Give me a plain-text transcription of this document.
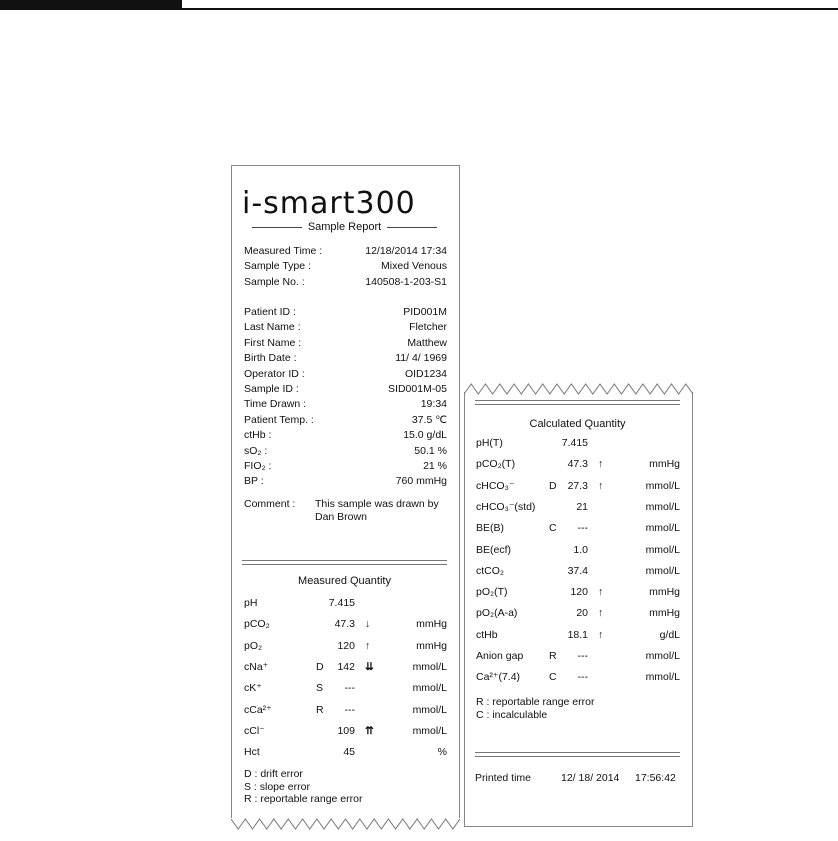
i-smart300
Sample Report
Measured Time :	12/18/2014 17:34
Sample Type :	Mixed Venous
Sample No. :	140508-1-203-S1
Patient ID :	PID001M
Last Name :	Fletcher
First Name :	Matthew
Birth Date :	11/ 4/ 1969
Operator ID :	OID1234
Sample ID :	SID001M-05
Time Drawn :	19:34
Patient Temp. :	37.5 ℃
ctHb :	15.0 g/dL
sO₂ :	50.1 %
FIO₂ :	21 %
BP :	760 mmHg
Comment : This sample was drawn by
Dan Brown
Measured Quantity
pH	7.415
pCO₂	47.3 ↓	mmHg
pO₂	120 ↑	mmHg
cNa⁺	D 142 ⇊	mmol/L
cK⁺	S ---	mmol/L
cCa²⁺	R ---	mmol/L
cCl⁻	109 ⇈	mmol/L
Hct	45	%
D : drift error
S : slope error
R : reportable range error
Calculated Quantity
pH(T)	7.415
pCO₂(T)	47.3 ↑	mmHg
cHCO₃⁻	D 27.3 ↑	mmol/L
cHCO₃⁻(std)	21	mmol/L
BE(B)	C ---	mmol/L
BE(ecf)	1.0	mmol/L
ctCO₂	37.4	mmol/L
pO₂(T)	120 ↑	mmHg
pO₂(A-a)	20 ↑	mmHg
ctHb	18.1 ↑	g/dL
Anion gap R ---	mmol/L
Ca²⁺(7.4)	C ---	mmol/L
R : reportable range error
C : incalculable
Printed time	12/ 18/ 2014 17:56:42
